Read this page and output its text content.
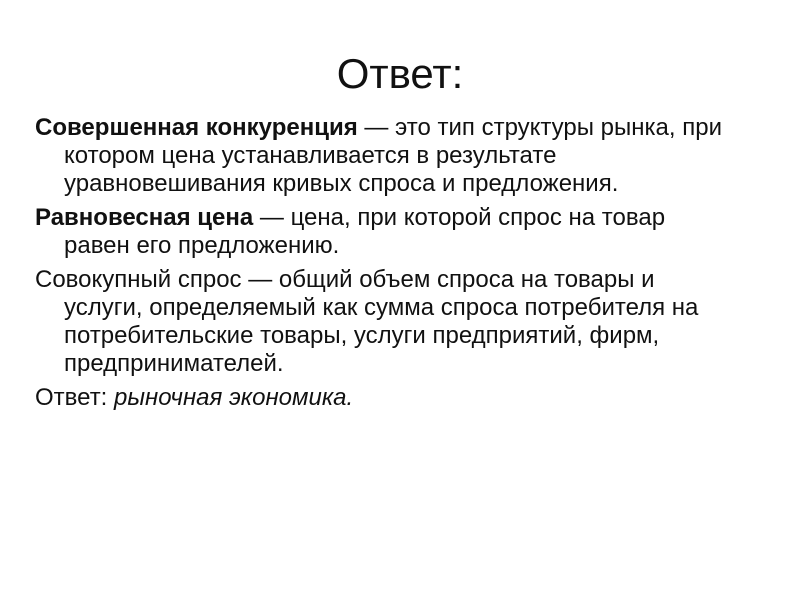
Ответ:

Совершенная конкуренция — это тип структуры рынка, при котором цена устанавливается в результате уравновешивания кривых спроса и предложения.

Равновесная цена — цена, при которой спрос на товар равен его предложению.

Совокупный спрос — общий объем спроса на товары и услуги, определяемый как сумма спроса потребителя на потребительские товары, услуги предприятий, фирм, предпринимателей.

Ответ: рыночная экономика.
